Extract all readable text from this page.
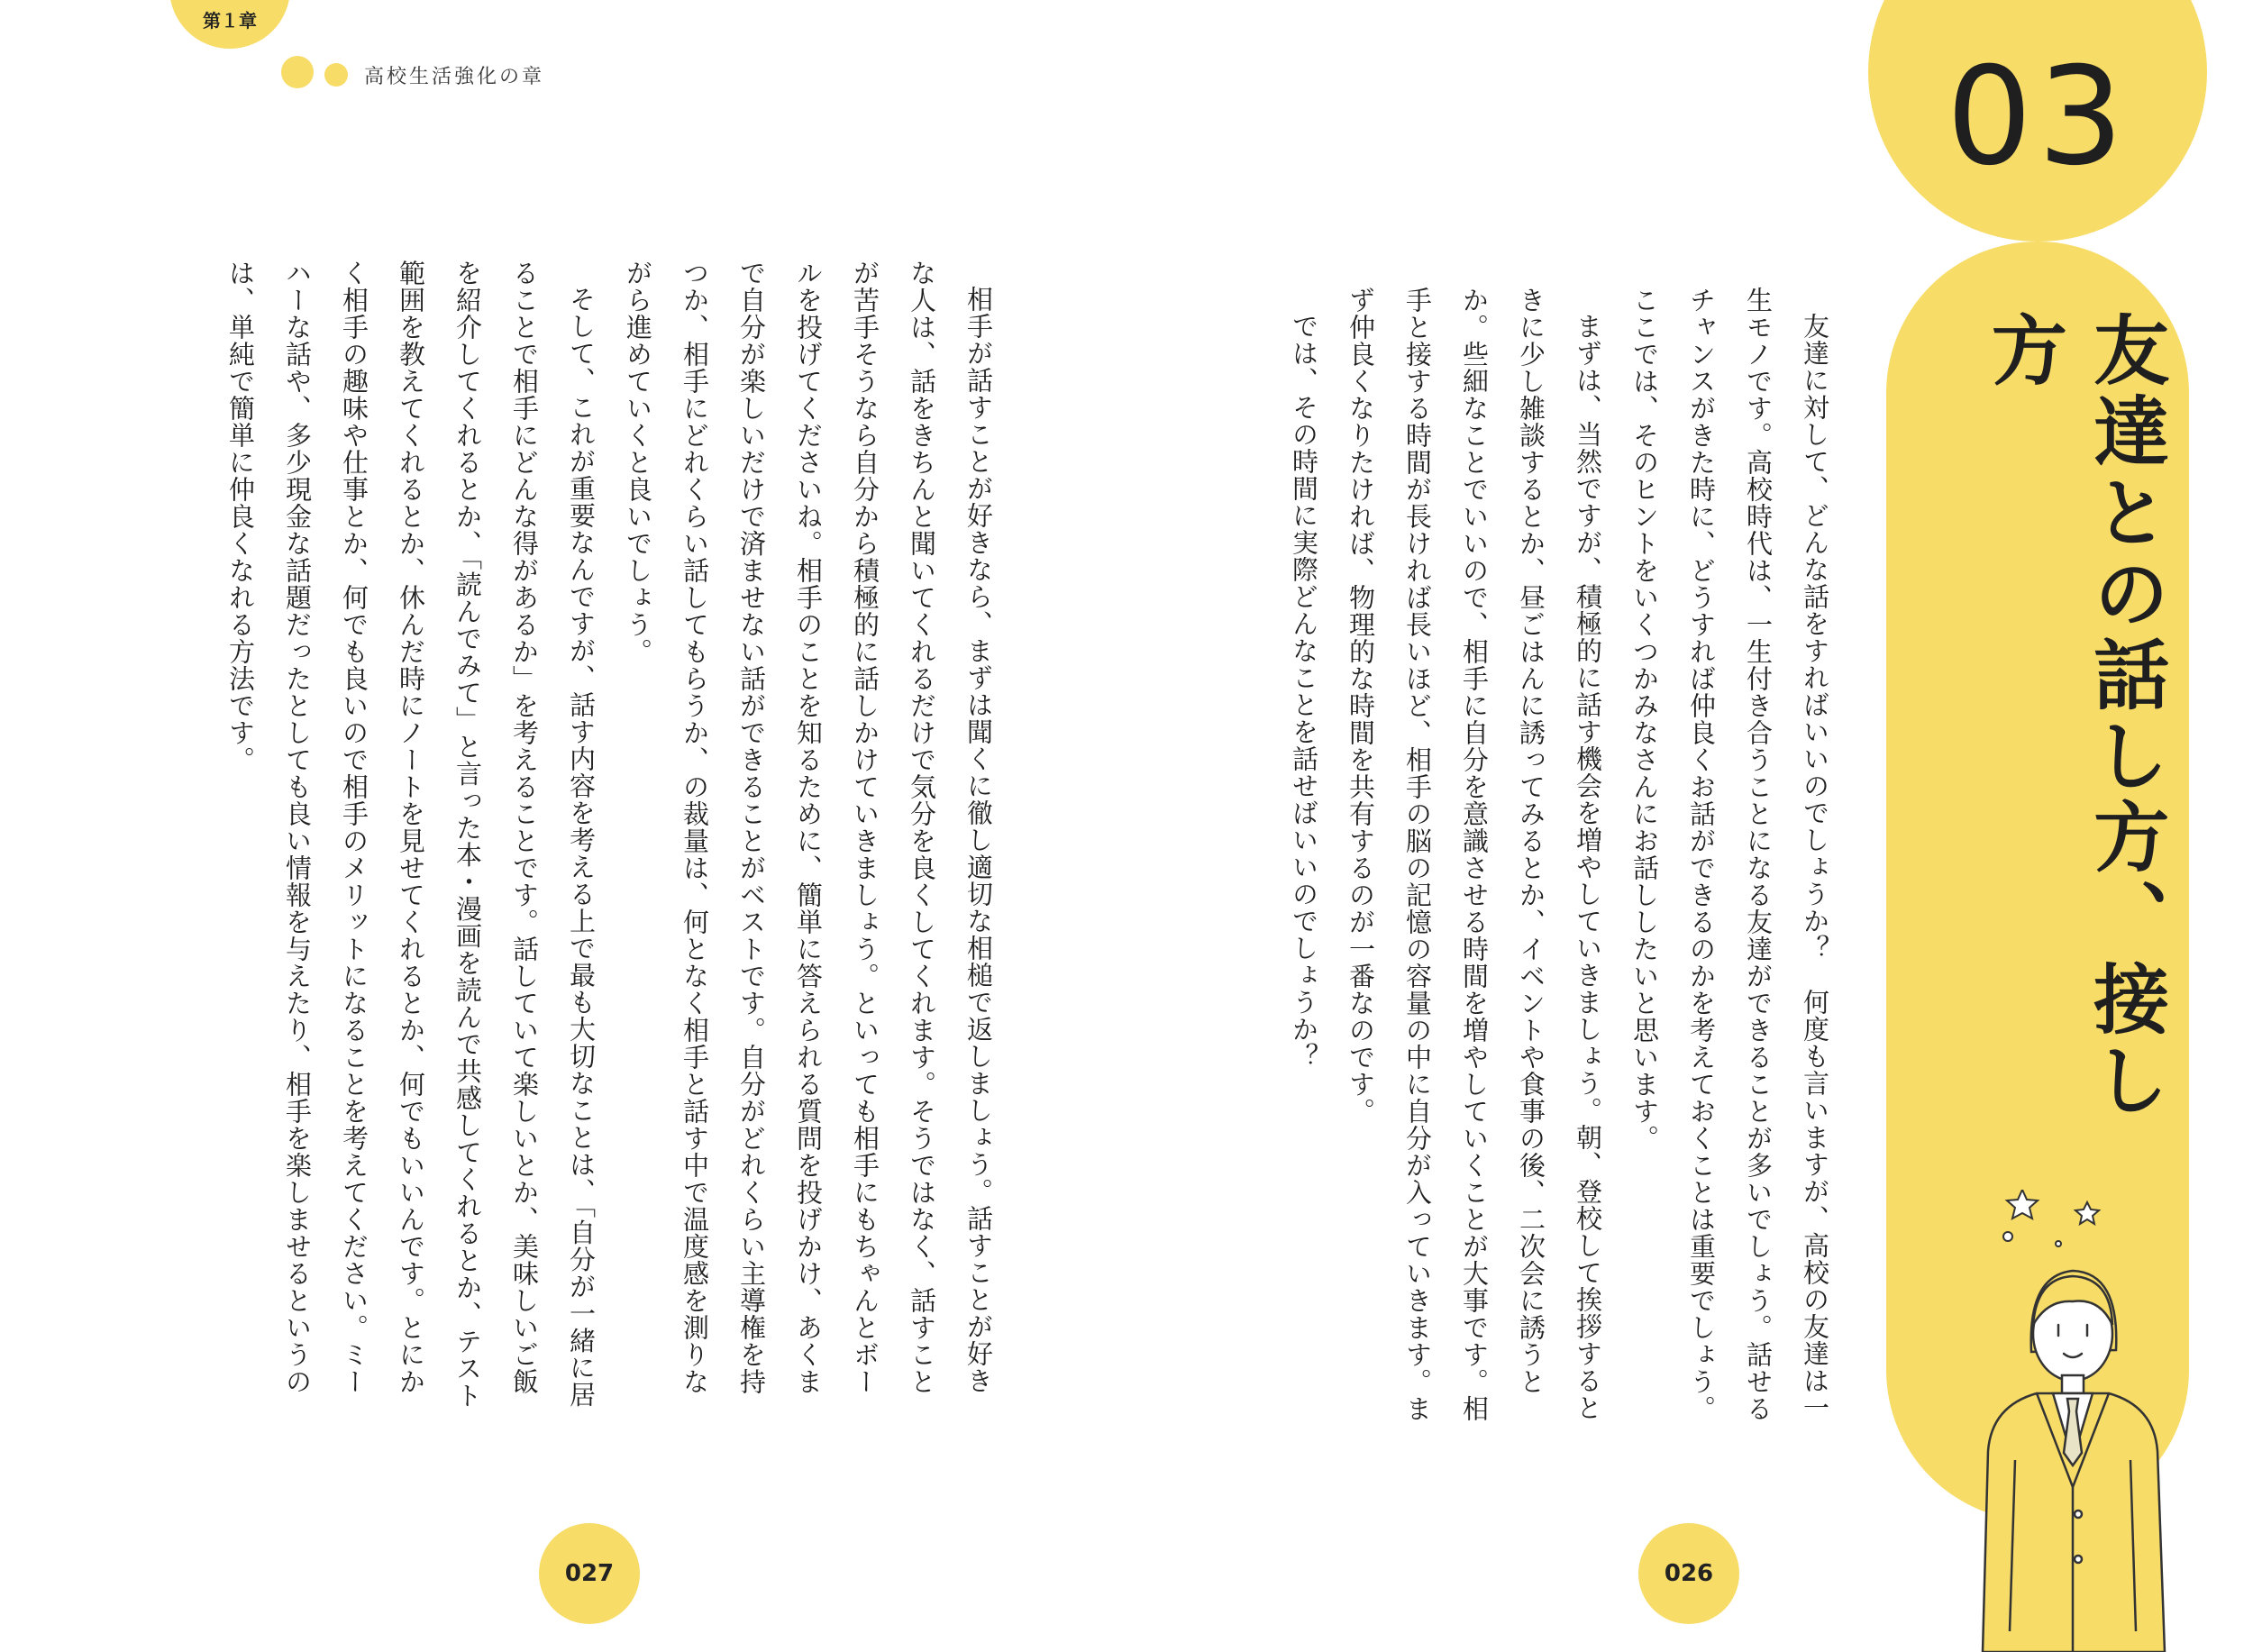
第１章
高校生活強化の章	03
友達との話し方、接し方

友達に対して、どんな話をすればいいのでしょうか？　何度も言いますが、高校の友達は一生モノです。高校時代は、一生付き合うことになる友達ができることが多いでしょう。話せるチャンスがきた時に、どうすれば仲良くお話ができるのかを考えておくことは重要でしょう。ここでは、そのヒントをいくつかみなさんにお話ししたいと思います。

まずは、当然ですが、積極的に話す機会を増やしていきましょう。朝、登校して挨拶するときに少し雑談するとか、昼ごはんに誘ってみるとか、イベントや食事の後、二次会に誘うとか。些細なことでいいので、相手に自分を意識させる時間を増やしていくことが大事です。相手と接する時間が長ければ長いほど、相手の脳の記憶の容量の中に自分が入っていきます。まず仲良くなりたければ、物理的な時間を共有するのが一番なのです。

では、その時間に実際どんなことを話せばいいのでしょうか？

相手が話すことが好きなら、まずは聞くに徹し適切な相槌で返しましょう。話すことが好きな人は、話をきちんと聞いてくれるだけで気分を良くしてくれます。そうではなく、話すことが苦手そうなら自分から積極的に話しかけていきましょう。といっても相手にもちゃんとボールを投げてくださいね。相手のことを知るために、簡単に答えられる質問を投げかけ、あくまで自分が楽しいだけで済ませない話ができることがベストです。自分がどれくらい主導権を持つか、相手にどれくらい話してもらうか、の裁量は、何となく相手と話す中で温度感を測りながら進めていくと良いでしょう。

そして、これが重要なんですが、話す内容を考える上で最も大切なことは、「自分が一緒に居ることで相手にどんな得があるか」を考えることです。話していて楽しいとか、美味しいご飯を紹介してくれるとか、「読んでみて」と言った本・漫画を読んで共感してくれるとか、テスト範囲を教えてくれるとか、休んだ時にノートを見せてくれるとか、何でもいいんです。とにかく相手の趣味や仕事とか、何でも良いので相手のメリットになることを考えてください。ミーハーな話や、多少現金な話題だったとしても良い情報を与えたり、相手を楽しませるというのは、単純で簡単に仲良くなれる方法です。

027	026
